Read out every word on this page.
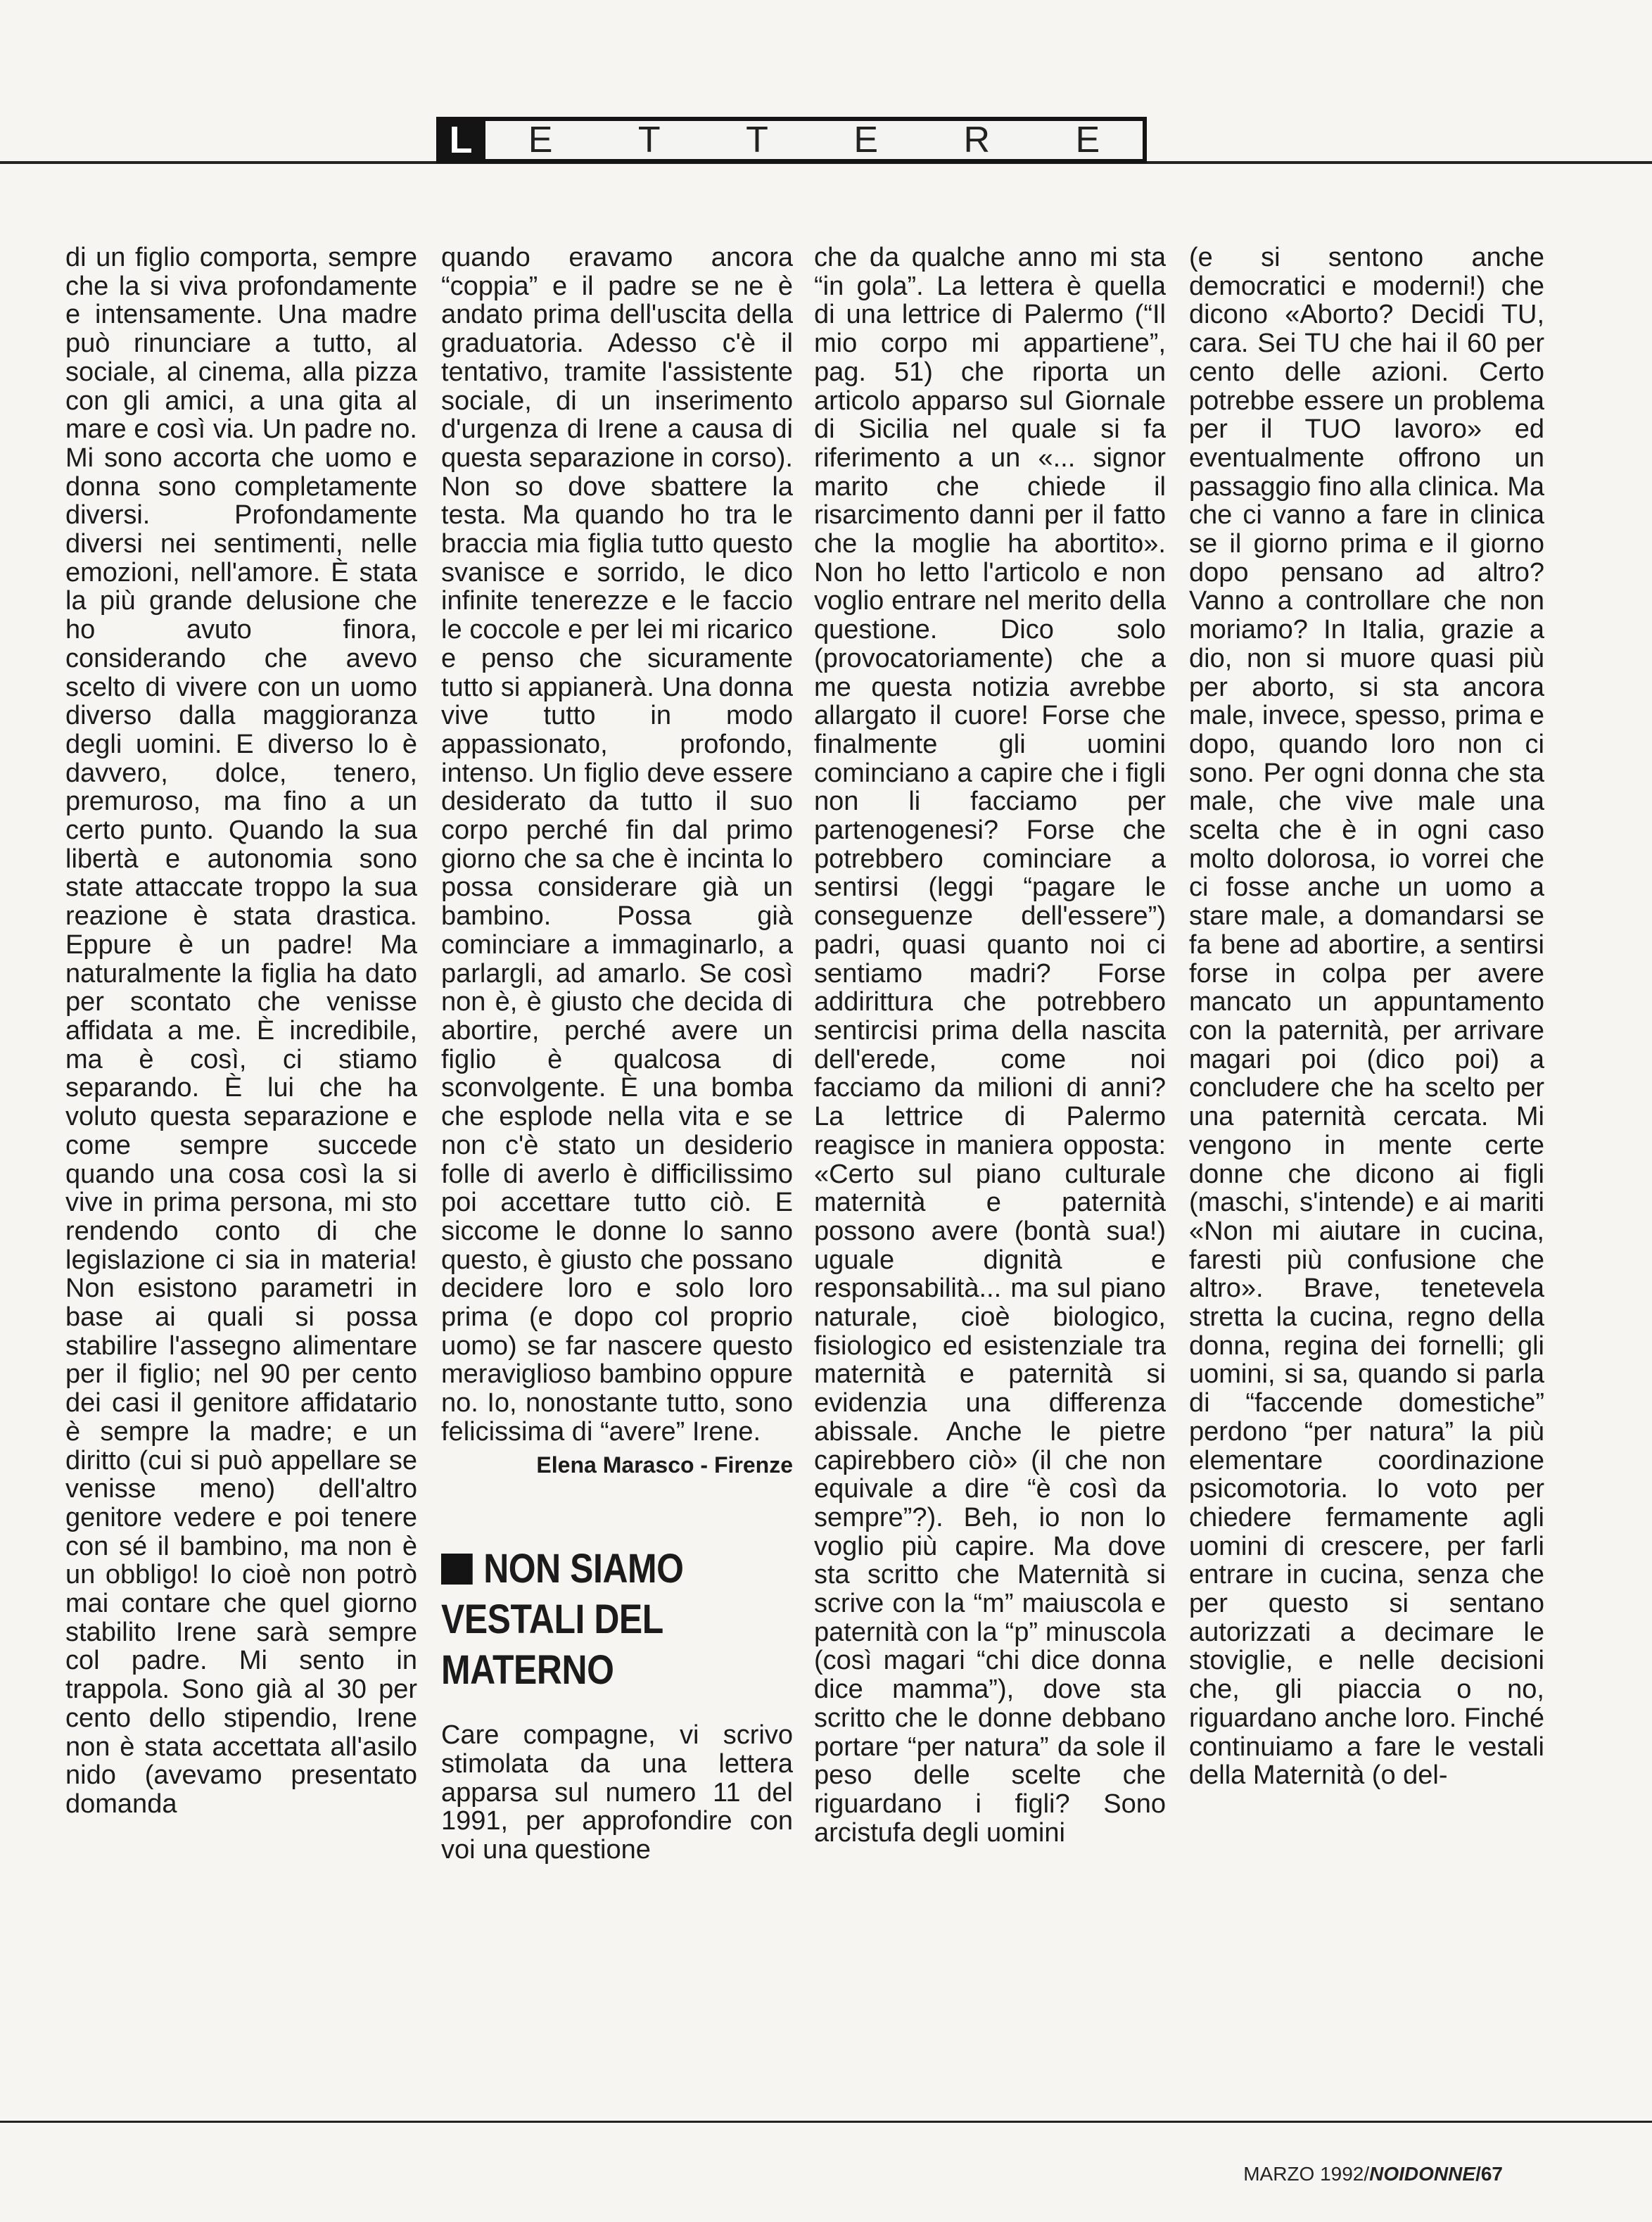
L	E T T E R E

di un figlio comporta, sempre che la si viva profondamente e intensamente. Una madre può rinunciare a tutto, al sociale, al cinema, alla pizza con gli amici, a una gita al mare e così via. Un padre no. Mi sono accorta che uomo e donna sono completamente diversi. Profondamente diversi nei sentimenti, nelle emozioni, nell'amore. È stata la più grande delusione che ho avuto finora, considerando che avevo scelto di vivere con un uomo diverso dalla maggioranza degli uomini. E diverso lo è davvero, dolce, tenero, premuroso, ma fino a un certo punto. Quando la sua libertà e autonomia sono state attaccate troppo la sua reazione è stata drastica. Eppure è un padre! Ma naturalmente la figlia ha dato per scontato che venisse affidata a me. È incredibile, ma è così, ci stiamo separando. È lui che ha voluto questa separazione e come sempre succede quando una cosa così la si vive in prima persona, mi sto rendendo conto di che legislazione ci sia in materia! Non esistono parametri in base ai quali si possa stabilire l'assegno alimentare per il figlio; nel 90 per cento dei casi il genitore affidatario è sempre la madre; e un diritto (cui si può appellare se venisse meno) dell'altro genitore vedere e poi tenere con sé il bambino, ma non è un obbligo! Io cioè non potrò mai contare che quel giorno stabilito Irene sarà sempre col padre. Mi sento in trappola. Sono già al 30 per cento dello stipendio, Irene non è stata accettata all'asilo nido (avevamo presentato domanda

quando eravamo ancora “coppia” e il padre se ne è andato prima dell'uscita della graduatoria. Adesso c'è il tentativo, tramite l'assistente sociale, di un inserimento d'urgenza di Irene a causa di questa separazione in corso). Non so dove sbattere la testa. Ma quando ho tra le braccia mia figlia tutto questo svanisce e sorrido, le dico infinite tenerezze e le faccio le coccole e per lei mi ricarico e penso che sicuramente tutto si appianerà. Una donna vive tutto in modo appassionato, profondo, intenso. Un figlio deve essere desiderato da tutto il suo corpo perché fin dal primo giorno che sa che è incinta lo possa considerare già un bambino. Possa già cominciare a immaginarlo, a parlargli, ad amarlo. Se così non è, è giusto che decida di abortire, perché avere un figlio è qualcosa di sconvolgente. È una bomba che esplode nella vita e se non c'è stato un desiderio folle di averlo è difficilissimo poi accettare tutto ciò. E siccome le donne lo sanno questo, è giusto che possano decidere loro e solo loro prima (e dopo col proprio uomo) se far nascere questo meraviglioso bambino oppure no. Io, nonostante tutto, sono felicissima di “avere” Irene.

Elena Marasco - Firenze
NON SIAMO VESTALI DEL MATERNO

Care compagne, vi scrivo stimolata da una lettera apparsa sul numero 11 del 1991, per approfondire con voi una questione

che da qualche anno mi sta “in gola”. La lettera è quella di una lettrice di Palermo (“Il mio corpo mi appartiene”, pag. 51) che riporta un articolo apparso sul Giornale di Sicilia nel quale si fa riferimento a un «... signor marito che chiede il risarcimento danni per il fatto che la moglie ha abortito». Non ho letto l'articolo e non voglio entrare nel merito della questione. Dico solo (provocatoriamente) che a me questa notizia avrebbe allargato il cuore! Forse che finalmente gli uomini cominciano a capire che i figli non li facciamo per partenogenesi? Forse che potrebbero cominciare a sentirsi (leggi “pagare le conseguenze dell'essere”) padri, quasi quanto noi ci sentiamo madri? Forse addirittura che potrebbero sentircisi prima della nascita dell'erede, come noi facciamo da milioni di anni? La lettrice di Palermo reagisce in maniera opposta: «Certo sul piano culturale maternità e paternità possono avere (bontà sua!) uguale dignità e responsabilità... ma sul piano naturale, cioè biologico, fisiologico ed esistenziale tra maternità e paternità si evidenzia una differenza abissale. Anche le pietre capirebbero ciò» (il che non equivale a dire “è così da sempre”?). Beh, io non lo voglio più capire. Ma dove sta scritto che Maternità si scrive con la “m” maiuscola e paternità con la “p” minuscola (così magari “chi dice donna dice mamma”), dove sta scritto che le donne debbano portare “per natura” da sole il peso delle scelte che riguardano i figli? Sono arcistufa degli uomini

(e si sentono anche democratici e moderni!) che dicono «Aborto? Decidi TU, cara. Sei TU che hai il 60 per cento delle azioni. Certo potrebbe essere un problema per il TUO lavoro» ed eventualmente offrono un passaggio fino alla clinica. Ma che ci vanno a fare in clinica se il giorno prima e il giorno dopo pensano ad altro? Vanno a controllare che non moriamo? In Italia, grazie a dio, non si muore quasi più per aborto, si sta ancora male, invece, spesso, prima e dopo, quando loro non ci sono. Per ogni donna che sta male, che vive male una scelta che è in ogni caso molto dolorosa, io vorrei che ci fosse anche un uomo a stare male, a domandarsi se fa bene ad abortire, a sentirsi forse in colpa per avere mancato un appuntamento con la paternità, per arrivare magari poi (dico poi) a concludere che ha scelto per una paternità cercata. Mi vengono in mente certe donne che dicono ai figli (maschi, s'intende) e ai mariti «Non mi aiutare in cucina, faresti più confusione che altro». Brave, tenetevela stretta la cucina, regno della donna, regina dei fornelli; gli uomini, si sa, quando si parla di “faccende domestiche” perdono “per natura” la più elementare coordinazione psicomotoria. Io voto per chiedere fermamente agli uomini di crescere, per farli entrare in cucina, senza che per questo si sentano autorizzati a decimare le stoviglie, e nelle decisioni che, gli piaccia o no, riguardano anche loro. Finché continuiamo a fare le vestali della Maternità (o del-

MARZO 1992/NOIDONNE/67
